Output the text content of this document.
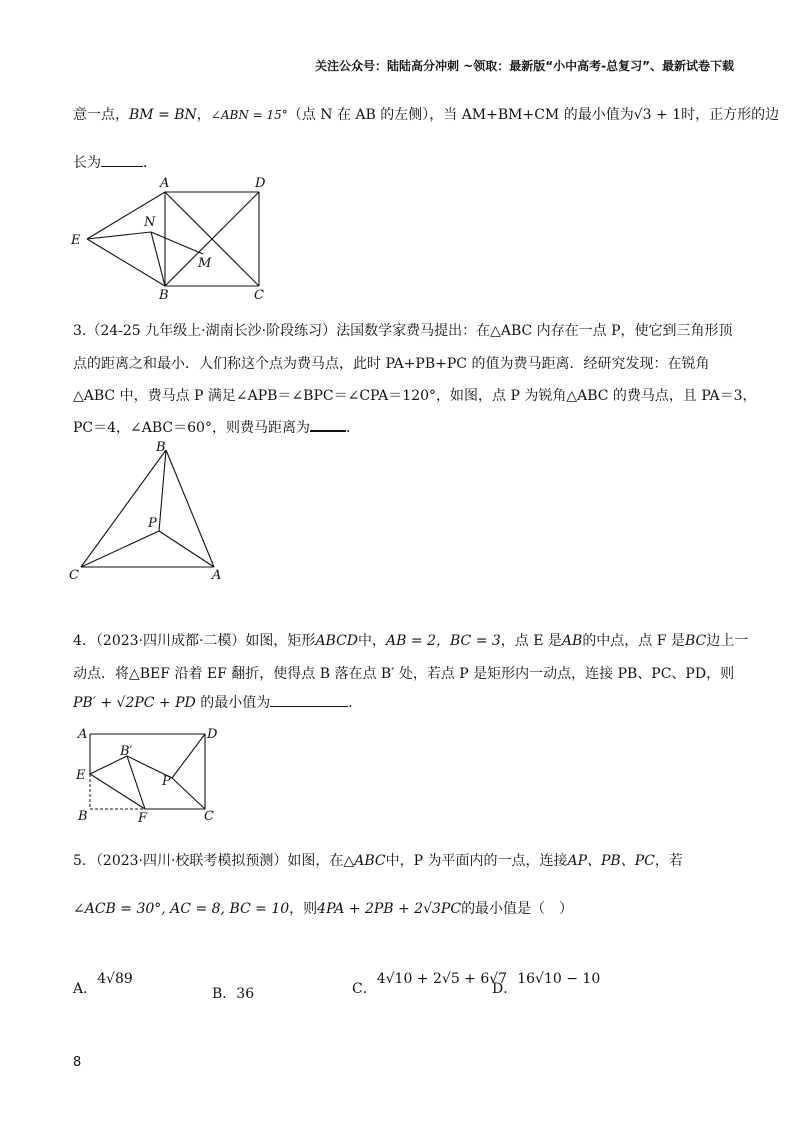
关注公众号：陆陆高分冲刺 ~领取：最新版“小中高考-总复习”、最新试卷下载
意一点，BM = BN，∠ABN = 15°（点 N 在 AB 的左侧），当 AM+BM+CM 的最小值为√3 + 1时，正方形的边
长为	．
A	D
N
E
M
B	C
3.（24-25 九年级上·湖南长沙·阶段练习）法国数学家费马提出：在△ABC 内存在一点 P，使它到三角形顶
点的距离之和最小．人们称这个点为费马点，此时 PA+PB+PC 的值为费马距离．经研究发现：在锐角
△ABC 中，费马点 P 满足∠APB＝∠BPC＝∠CPA＝120°，如图，点 P 为锐角△ABC 的费马点，且 PA＝3，
PC＝4，∠ABC＝60°，则费马距离为	．
B
P
C	A
4．（2023·四川成都·二模）如图，矩形ABCD中，AB = 2，BC = 3，点 E 是AB的中点，点 F 是BC边上一
动点．将△BEF 沿着 EF 翻折，使得点 B 落在点 B′ 处，若点 P 是矩形内一动点，连接 PB、PC、PD，则
PB′ + √2PC + PD 的最小值为	．
A	D
B′
E	P
B	F	C
5．（2023·四川·校联考模拟预测）如图，在△ABC中，P 为平面内的一点，连接AP、PB、PC，若
∠ACB = 30°, AC = 8, BC = 10，则4PA + 2PB + 2√3PC的最小值是（　）
A．4√89
B．36	C．4√10 + 2√5 + 6√7
D．16√10 − 10
8
